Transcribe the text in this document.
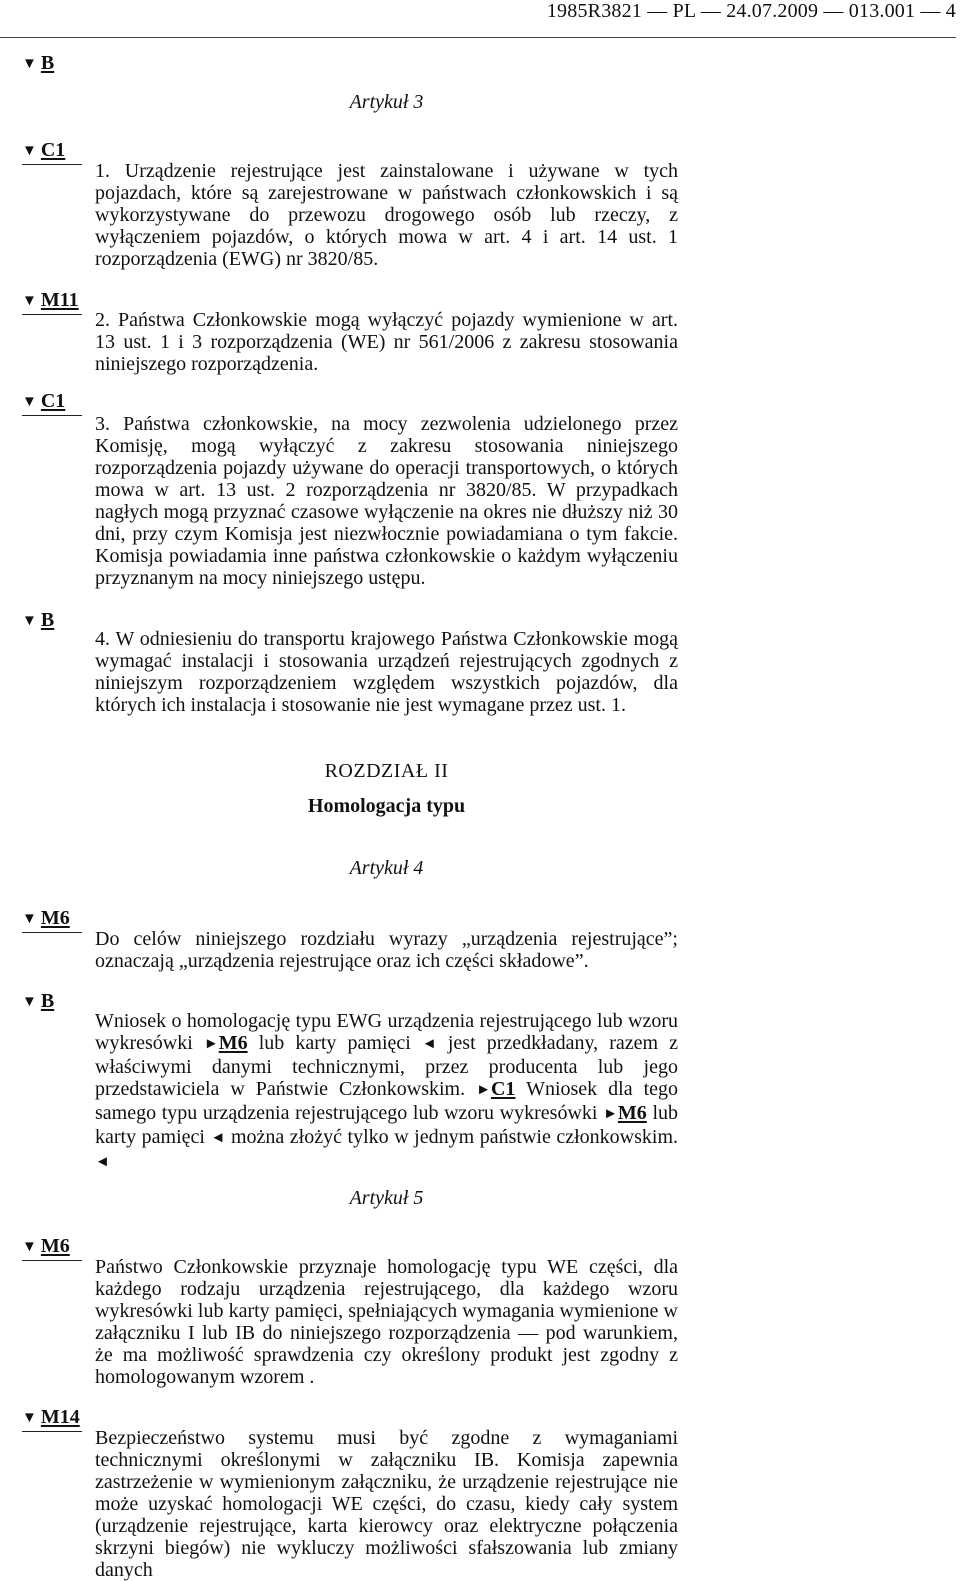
1985R3821 — PL — 24.07.2009 — 013.001 — 4
▼ B
Artykuł 3
▼ C1
1. Urządzenie rejestrujące jest zainstalowane i używane w tych pojazdach, które są zarejestrowane w państwach członkowskich i są wykorzystywane do przewozu drogowego osób lub rzeczy, z wyłączeniem pojazdów, o których mowa w art. 4 i art. 14 ust. 1 rozporządzenia (EWG) nr 3820/85.
▼ M11
2. Państwa Członkowskie mogą wyłączyć pojazdy wymienione w art. 13 ust. 1 i 3 rozporządzenia (WE) nr 561/2006 z zakresu stosowania niniejszego rozporządzenia.
▼ C1
3. Państwa członkowskie, na mocy zezwolenia udzielonego przez Komisję, mogą wyłączyć z zakresu stosowania niniejszego rozporządzenia pojazdy używane do operacji transportowych, o których mowa w art. 13 ust. 2 rozporządzenia nr 3820/85. W przypadkach nagłych mogą przyznać czasowe wyłączenie na okres nie dłuższy niż 30 dni, przy czym Komisja jest niezwłocznie powiadamiana o tym fakcie. Komisja powiadamia inne państwa członkowskie o każdym wyłączeniu przyznanym na mocy niniejszego ustępu.
▼ B
4. W odniesieniu do transportu krajowego Państwa Członkowskie mogą wymagać instalacji i stosowania urządzeń rejestrujących zgodnych z niniejszym rozporządzeniem względem wszystkich pojazdów, dla których ich instalacja i stosowanie nie jest wymagane przez ust. 1.
ROZDZIAŁ II
Homologacja typu
Artykuł 4
▼ M6
Do celów niniejszego rozdziału wyrazy „urządzenia rejestrujące”; oznaczają „urządzenia rejestrujące oraz ich części składowe”.
▼ B
Wniosek o homologację typu EWG urządzenia rejestrującego lub wzoru wykresówki ►M6 lub karty pamięci ◄ jest przedkładany, razem z właściwymi danymi technicznymi, przez producenta lub jego przedstawiciela w Państwie Członkowskim. ►C1 Wniosek dla tego samego typu urządzenia rejestrującego lub wzoru wykresówki ►M6 lub karty pamięci ◄ można złożyć tylko w jednym państwie członkowskim. ◄
Artykuł 5
▼ M6
Państwo Członkowskie przyznaje homologację typu WE części, dla każdego rodzaju urządzenia rejestrującego, dla każdego wzoru wykresówki lub karty pamięci, spełniających wymagania wymienione w załączniku I lub IB do niniejszego rozporządzenia — pod warunkiem, że ma możliwość sprawdzenia czy określony produkt jest zgodny z homologowanym wzorem .
▼ M14
Bezpieczeństwo systemu musi być zgodne z wymaganiami technicznymi określonymi w załączniku IB. Komisja zapewnia zastrzeżenie w wymienionym załączniku, że urządzenie rejestrujące nie może uzyskać homologacji WE części, do czasu, kiedy cały system (urządzenie rejestrujące, karta kierowcy oraz elektryczne połączenia skrzyni biegów) nie wykluczy możliwości sfałszowania lub zmiany danych
